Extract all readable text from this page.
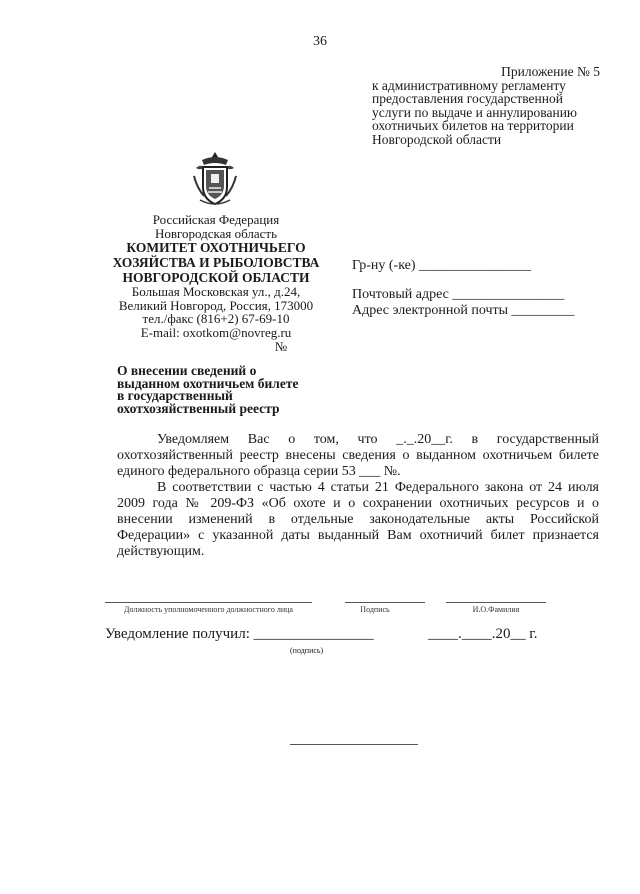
36
Приложение № 5
к административному регламенту
предоставления государственной
услуги по выдаче и аннулированию
охотничьих билетов на территории
Новгородской области
Российская Федерация
Новгородская область
КОМИТЕТ ОХОТНИЧЬЕГО
ХОЗЯЙСТВА И РЫБОЛОВСТВА
НОВГОРОДСКОЙ ОБЛАСТИ
Большая Московская ул., д.24,
Великий Новгород, Россия, 173000
тел./факс (816+2) 67-69-10
E-mail: oxotkom@novreg.ru
№
Гр-ну (-ке) ________________
Почтовый адрес ________________
Адрес электронной почты _________
О внесении сведений о
выданном охотничьем билете
в государственный
охотхозяйственный реестр

Уведомляем Вас о том, что _._.20__г. в государственный охотхозяйственный реестр внесены сведения о выданном охотничьем билете единого федерального образца серии 53 ___ №.

В соответствии с частью 4 статьи 21 Федерального закона от 24 июля 2009 года № 209-ФЗ «Об охоте и о сохранении охотничьих ресурсов и о внесении изменений в отдельные законодательные акты Российской Федерации» с указанной даты выданный Вам охотничий билет признается действующим.

Должность уполномоченного должностного лица	Подпись	И.О.Фамилия
Уведомление получил: ________________	____.____.20__ г.
(подпись)
